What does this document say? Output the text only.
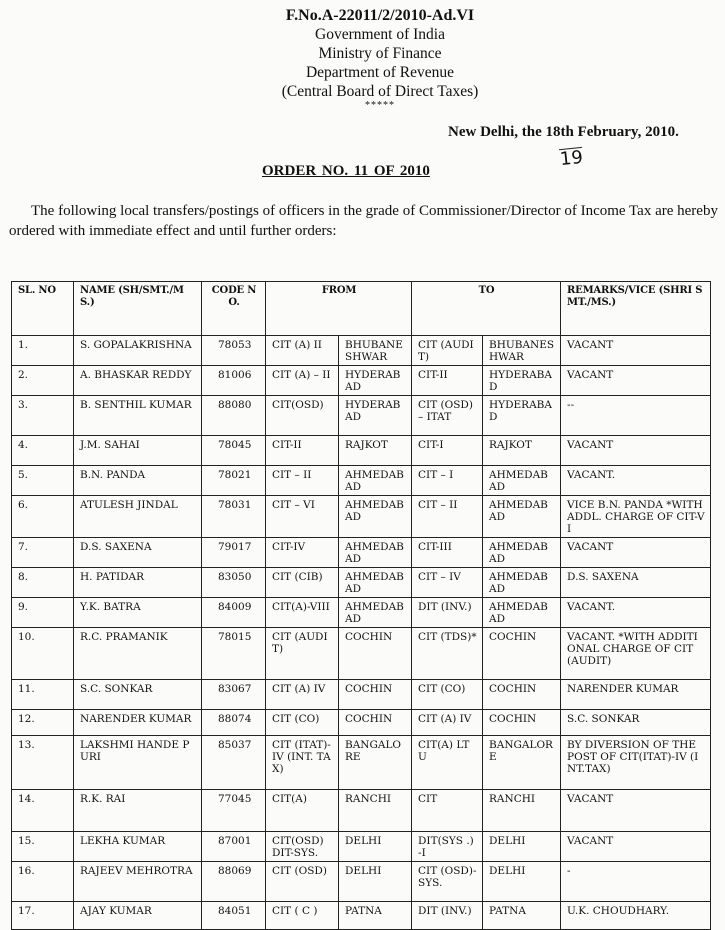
F.No.A-22011/2/2010-Ad.VI
Government of India
Ministry of Finance
Department of Revenue
(Central Board of Direct Taxes)
*****
New Delhi, the 18th February, 2010.
19
ORDER NO. 11 OF 2010
The following local transfers/postings of officers in the grade of Commissioner/Director of Income Tax are hereby ordered with immediate effect and until further orders:
SL. NO	NAME (SH/SMT./MS.)	CODE NO.	FROM		TO		REMARKS/VICE (SHRI SMT./MS.)
1.	S. GOPALAKRISHNA	78053	CIT (A) II	BHUBANE SHWAR	CIT (AUDIT)	BHUBANES HWAR	VACANT
2.	A. BHASKAR REDDY	81006	CIT (A) – II	HYDERAB AD	CIT-II	HYDERABA D	VACANT
3.	B. SENTHIL KUMAR	88080	CIT(OSD)	HYDERAB AD	CIT (OSD) – ITAT	HYDERABA D	--
4.	J.M. SAHAI	78045	CIT-II	RAJKOT	CIT-I	RAJKOT	VACANT
5.	B.N. PANDA	78021	CIT – II	AHMEDAB AD	CIT – I	AHMEDAB AD	VACANT.
6.	ATULESH JINDAL	78031	CIT – VI	AHMEDAB AD	CIT – II	AHMEDAB AD	VICE B.N. PANDA *WITH ADDL. CHARGE OF CIT-VI
7.	D.S. SAXENA	79017	CIT-IV	AHMEDAB AD	CIT-III	AHMEDAB AD	VACANT
8.	H. PATIDAR	83050	CIT (CIB)	AHMEDAB AD	CIT – IV	AHMEDAB AD	D.S. SAXENA
9.	Y.K. BATRA	84009	CIT(A)-VIII	AHMEDAB AD	DIT (INV.)	AHMEDAB AD	VACANT.
10.	R.C. PRAMANIK	78015	CIT (AUDIT)	COCHIN	CIT (TDS)*	COCHIN	VACANT. *WITH ADDITIONAL CHARGE OF CIT (AUDIT)
11.	S.C. SONKAR	83067	CIT (A) IV	COCHIN	CIT (CO)	COCHIN	NARENDER KUMAR
12.	NARENDER KUMAR	88074	CIT (CO)	COCHIN	CIT (A) IV	COCHIN	S.C. SONKAR
13.	LAKSHMI HANDE PURI	85037	CIT (ITAT)-IV (INT. TAX)	BANGALO RE	CIT(A) LTU	BANGALOR E	BY DIVERSION OF THE POST OF CIT(ITAT)-IV (INT.TAX)
14.	R.K. RAI	77045	CIT(A)	RANCHI	CIT	RANCHI	VACANT
15.	LEKHA KUMAR	87001	CIT(OSD) DIT-SYS.	DELHI	DIT(SYS .)-I	DELHI	VACANT
16.	RAJEEV MEHROTRA	88069	CIT (OSD)	DELHI	CIT (OSD)- SYS.	DELHI	-
17.	AJAY KUMAR	84051	CIT ( C )	PATNA	DIT (INV.)	PATNA	U.K. CHOUDHARY.
